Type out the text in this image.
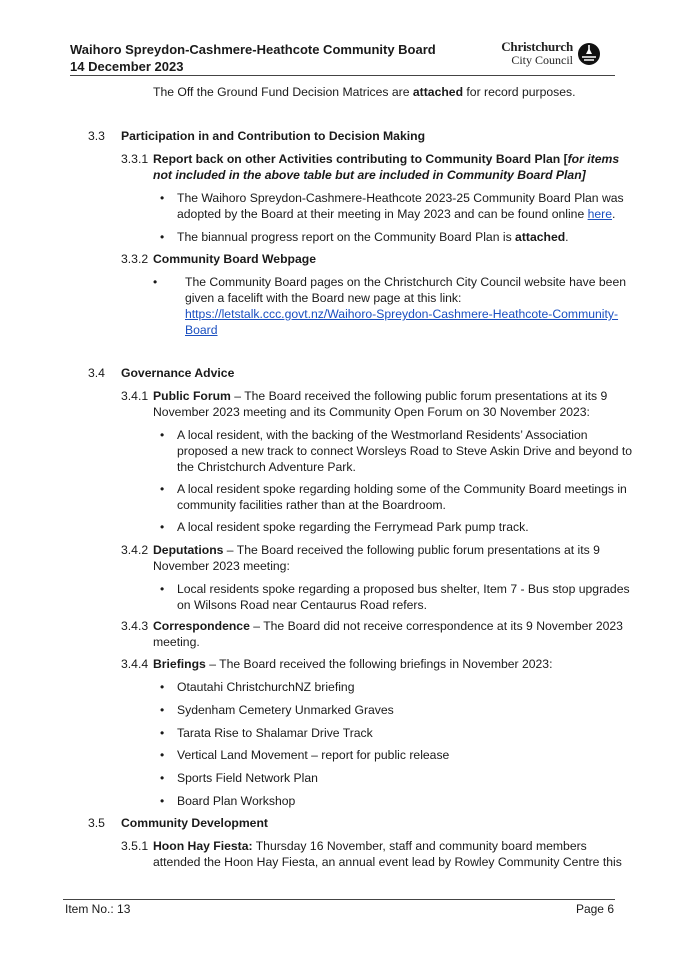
Waihoro Spreydon-Cashmere-Heathcote Community Board
14 December 2023
Christchurch
City Council
The Off the Ground Fund Decision Matrices are attached for record purposes.
3.3 Participation in and Contribution to Decision Making
3.3.1 Report back on other Activities contributing to Community Board Plan [for items
not included in the above table but are included in Community Board Plan]
• The Waihoro Spreydon-Cashmere-Heathcote 2023-25 Community Board Plan was
adopted by the Board at their meeting in May 2023 and can be found online here.
• The biannual progress report on the Community Board Plan is attached.
3.3.2 Community Board Webpage
• The Community Board pages on the Christchurch City Council website have been
given a facelift with the Board new page at this link:
https://letstalk.ccc.govt.nz/Waihoro-Spreydon-Cashmere-Heathcote-Community-
Board
3.4 Governance Advice
3.4.1 Public Forum – The Board received the following public forum presentations at its 9
November 2023 meeting and its Community Open Forum on 30 November 2023:
• A local resident, with the backing of the Westmorland Residents’ Association
proposed a new track to connect Worsleys Road to Steve Askin Drive and beyond to
the Christchurch Adventure Park.
• A local resident spoke regarding holding some of the Community Board meetings in
community facilities rather than at the Boardroom.
• A local resident spoke regarding the Ferrymead Park pump track.
3.4.2 Deputations – The Board received the following public forum presentations at its 9
November 2023 meeting:
• Local residents spoke regarding a proposed bus shelter, Item 7 - Bus stop upgrades
on Wilsons Road near Centaurus Road refers.
3.4.3 Correspondence – The Board did not receive correspondence at its 9 November 2023
meeting.
3.4.4 Briefings – The Board received the following briefings in November 2023:
• Otautahi ChristchurchNZ briefing
• Sydenham Cemetery Unmarked Graves
• Tarata Rise to Shalamar Drive Track
• Vertical Land Movement – report for public release
• Sports Field Network Plan
• Board Plan Workshop
3.5 Community Development
3.5.1 Hoon Hay Fiesta: Thursday 16 November, staff and community board members
attended the Hoon Hay Fiesta, an annual event lead by Rowley Community Centre this
Item No.: 13	Page 6
